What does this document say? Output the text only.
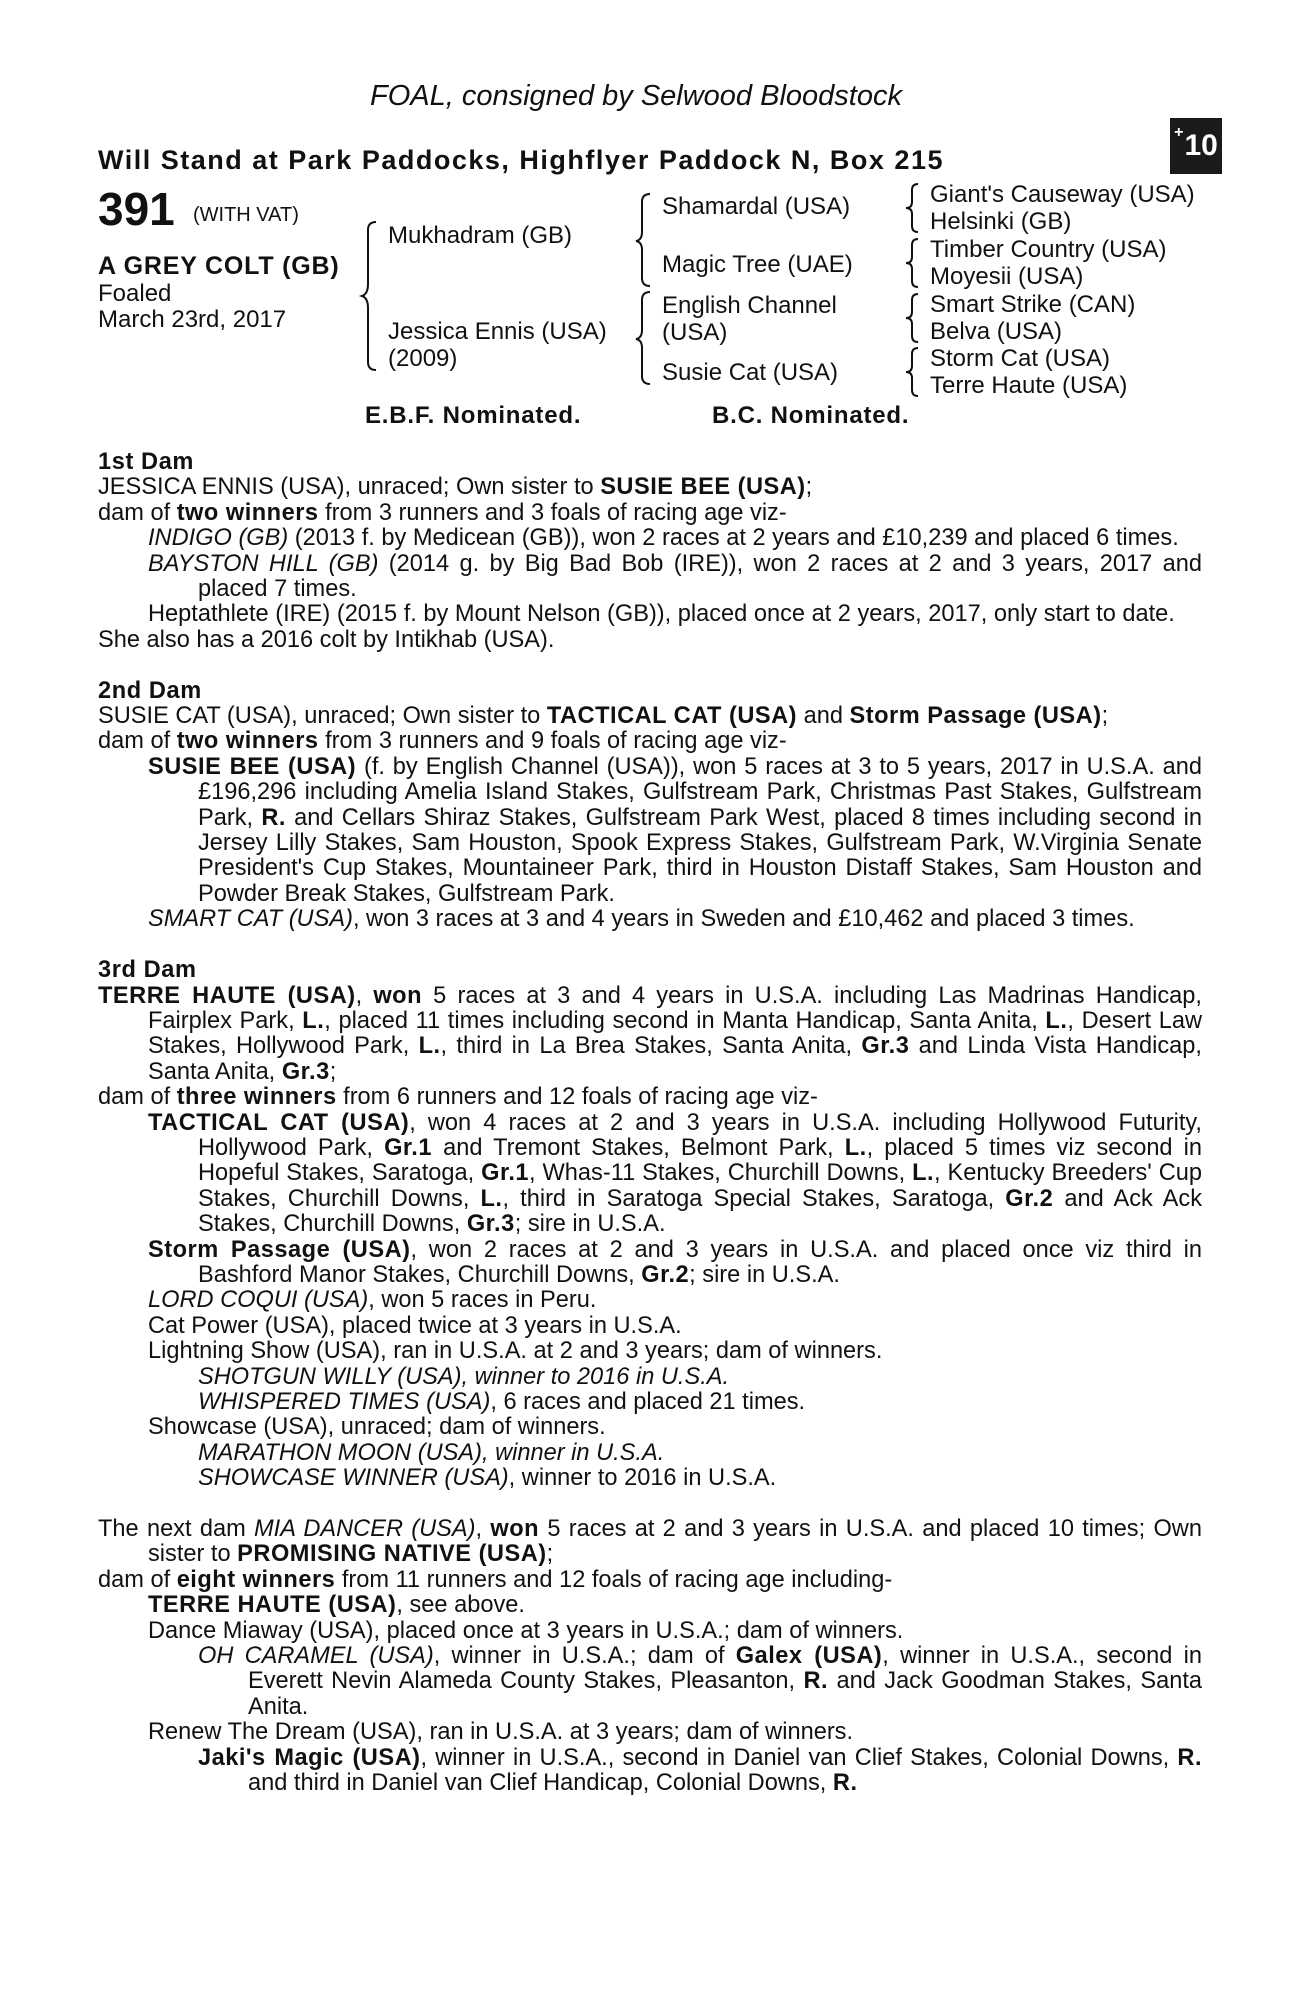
FOAL, consigned by Selwood Bloodstock
Will Stand at Park Paddocks, Highflyer Paddock N, Box 215
+ 10
391 (WITH VAT)
A GREY COLT (GB)
Foaled
March 23rd, 2017
Mukhadram (GB)
Jessica Ennis (USA)
(2009)
Shamardal (USA)
Magic Tree (UAE)
English Channel
(USA)
Susie Cat (USA)
Giant's Causeway (USA)
Helsinki (GB)
Timber Country (USA)
Moyesii (USA)
Smart Strike (CAN)
Belva (USA)
Storm Cat (USA)
Terre Haute (USA)
E.B.F. Nominated.	B.C. Nominated.

1st Dam

JESSICA ENNIS (USA), unraced; Own sister to SUSIE BEE (USA);

dam of two winners from 3 runners and 3 foals of racing age viz-

INDIGO (GB) (2013 f. by Medicean (GB)), won 2 races at 2 years and £10,239 and placed 6 times.

BAYSTON HILL (GB) (2014 g. by Big Bad Bob (IRE)), won 2 races at 2 and 3 years, 2017 and placed 7 times.

Heptathlete (IRE) (2015 f. by Mount Nelson (GB)), placed once at 2 years, 2017, only start to date.

She also has a 2016 colt by Intikhab (USA).

2nd Dam

SUSIE CAT (USA), unraced; Own sister to TACTICAL CAT (USA) and Storm Passage (USA);

dam of two winners from 3 runners and 9 foals of racing age viz-

SUSIE BEE (USA) (f. by English Channel (USA)), won 5 races at 3 to 5 years, 2017 in U.S.A. and £196,296 including Amelia Island Stakes, Gulfstream Park, Christmas Past Stakes, Gulfstream Park, R. and Cellars Shiraz Stakes, Gulfstream Park West, placed 8 times including second in Jersey Lilly Stakes, Sam Houston, Spook Express Stakes, Gulfstream Park, W.Virginia Senate President's Cup Stakes, Mountaineer Park, third in Houston Distaff Stakes, Sam Houston and Powder Break Stakes, Gulfstream Park.

SMART CAT (USA), won 3 races at 3 and 4 years in Sweden and £10,462 and placed 3 times.

3rd Dam

TERRE HAUTE (USA), won 5 races at 3 and 4 years in U.S.A. including Las Madrinas Handicap, Fairplex Park, L., placed 11 times including second in Manta Handicap, Santa Anita, L., Desert Law Stakes, Hollywood Park, L., third in La Brea Stakes, Santa Anita, Gr.3 and Linda Vista Handicap, Santa Anita, Gr.3;

dam of three winners from 6 runners and 12 foals of racing age viz-

TACTICAL CAT (USA), won 4 races at 2 and 3 years in U.S.A. including Hollywood Futurity, Hollywood Park, Gr.1 and Tremont Stakes, Belmont Park, L., placed 5 times viz second in Hopeful Stakes, Saratoga, Gr.1, Whas-11 Stakes, Churchill Downs, L., Kentucky Breeders' Cup Stakes, Churchill Downs, L., third in Saratoga Special Stakes, Saratoga, Gr.2 and Ack Ack Stakes, Churchill Downs, Gr.3; sire in U.S.A.

Storm Passage (USA), won 2 races at 2 and 3 years in U.S.A. and placed once viz third in Bashford Manor Stakes, Churchill Downs, Gr.2; sire in U.S.A.

LORD COQUI (USA), won 5 races in Peru.

Cat Power (USA), placed twice at 3 years in U.S.A.

Lightning Show (USA), ran in U.S.A. at 2 and 3 years; dam of winners.

SHOTGUN WILLY (USA), winner to 2016 in U.S.A.

WHISPERED TIMES (USA), 6 races and placed 21 times.

Showcase (USA), unraced; dam of winners.

MARATHON MOON (USA), winner in U.S.A.

SHOWCASE WINNER (USA), winner to 2016 in U.S.A.

The next dam MIA DANCER (USA), won 5 races at 2 and 3 years in U.S.A. and placed 10 times; Own sister to PROMISING NATIVE (USA);

dam of eight winners from 11 runners and 12 foals of racing age including-

TERRE HAUTE (USA), see above.

Dance Miaway (USA), placed once at 3 years in U.S.A.; dam of winners.

OH CARAMEL (USA), winner in U.S.A.; dam of Galex (USA), winner in U.S.A., second in Everett Nevin Alameda County Stakes, Pleasanton, R. and Jack Goodman Stakes, Santa Anita.

Renew The Dream (USA), ran in U.S.A. at 3 years; dam of winners.

Jaki's Magic (USA), winner in U.S.A., second in Daniel van Clief Stakes, Colonial Downs, R. and third in Daniel van Clief Handicap, Colonial Downs, R.
